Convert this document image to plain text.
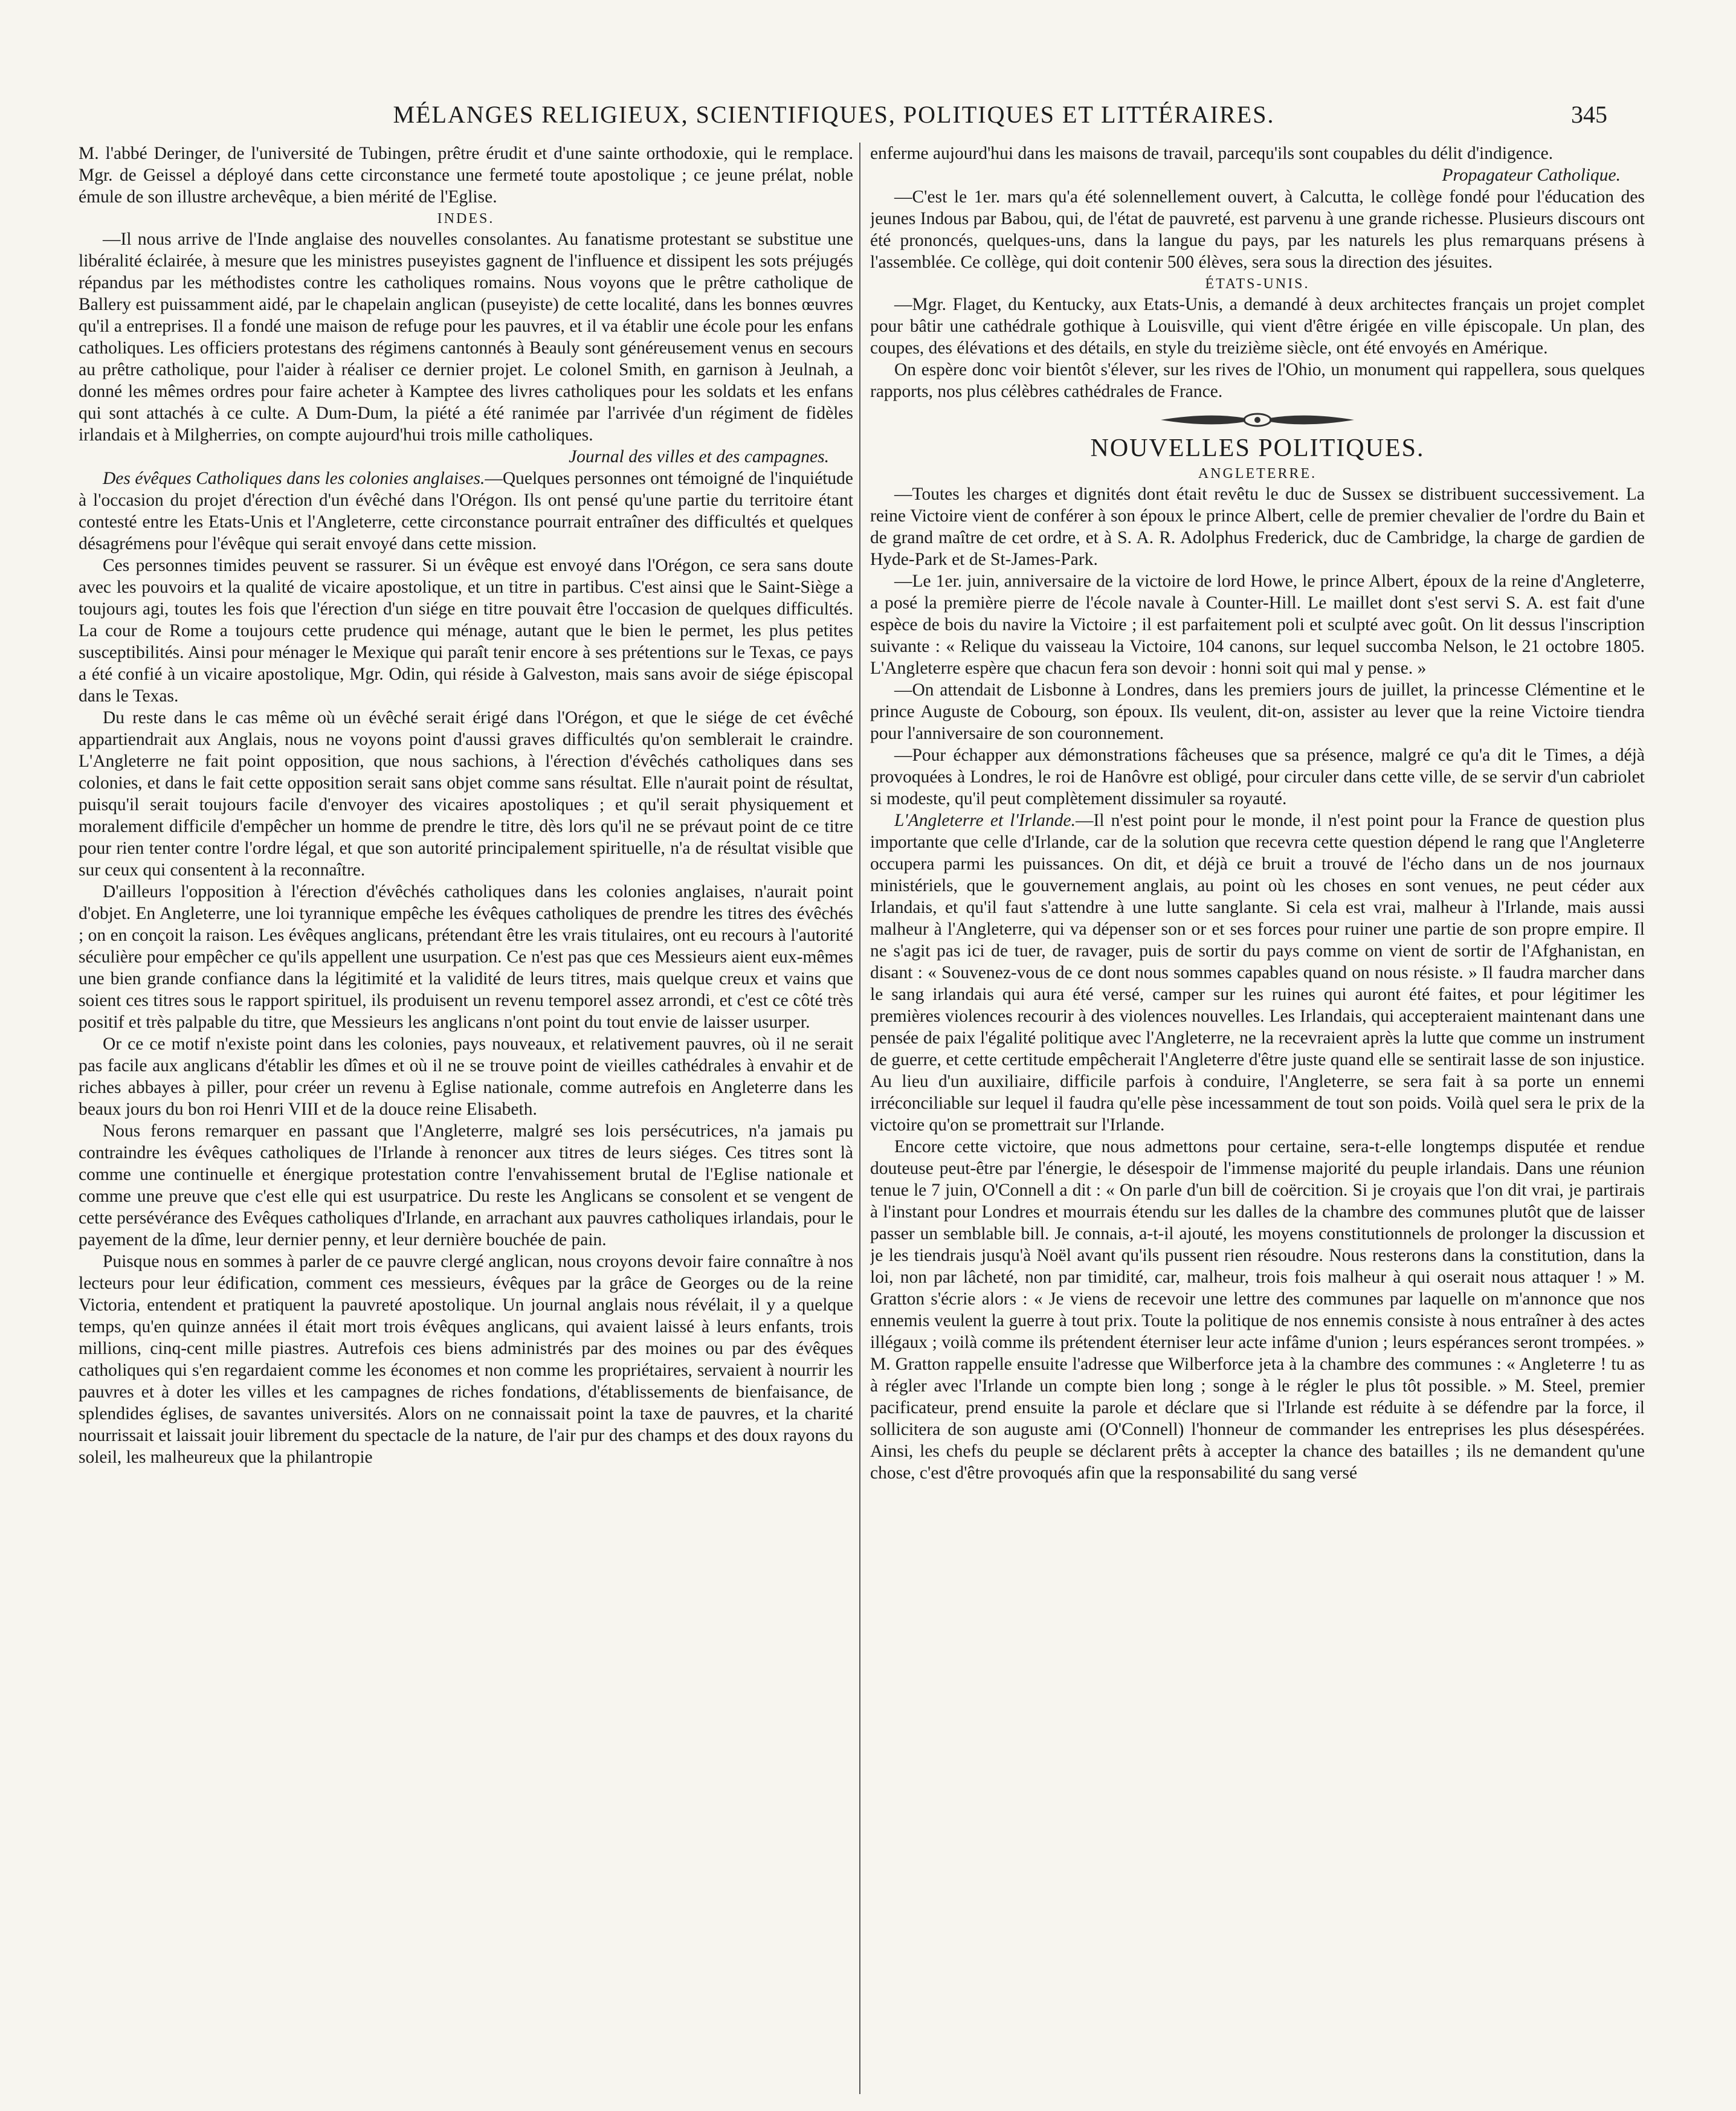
MÉLANGES RELIGIEUX, SCIENTIFIQUES, POLITIQUES ET LITTÉRAIRES.	345

M. l'abbé Deringer, de l'université de Tubingen, prêtre érudit et d'une sainte orthodoxie, qui le remplace. Mgr. de Geissel a déployé dans cette circonstance une fermeté toute apostolique ; ce jeune prélat, noble émule de son illustre archevêque, a bien mérité de l'Eglise.

INDES.

—Il nous arrive de l'Inde anglaise des nouvelles consolantes. Au fanatisme protestant se substitue une libéralité éclairée, à mesure que les ministres puseyistes gagnent de l'influence et dissipent les sots préjugés répandus par les méthodistes contre les catholiques romains. Nous voyons que le prêtre catholique de Ballery est puissamment aidé, par le chapelain anglican (puseyiste) de cette localité, dans les bonnes œuvres qu'il a entreprises. Il a fondé une maison de refuge pour les pauvres, et il va établir une école pour les enfans catholiques. Les officiers protestans des régimens cantonnés à Beauly sont généreusement venus en secours au prêtre catholique, pour l'aider à réaliser ce dernier projet. Le colonel Smith, en garnison à Jeulnah, a donné les mêmes ordres pour faire acheter à Kamptee des livres catholiques pour les soldats et les enfans qui sont attachés à ce culte. A Dum-Dum, la piété a été ranimée par l'arrivée d'un régiment de fidèles irlandais et à Milgherries, on compte aujourd'hui trois mille catholiques.

Journal des villes et des campagnes.

Des évêques Catholiques dans les colonies anglaises.—Quelques personnes ont témoigné de l'inquiétude à l'occasion du projet d'érection d'un évêché dans l'Orégon. Ils ont pensé qu'une partie du territoire étant contesté entre les Etats-Unis et l'Angleterre, cette circonstance pourrait entraîner des difficultés et quelques désagrémens pour l'évêque qui serait envoyé dans cette mission.

Ces personnes timides peuvent se rassurer. Si un évêque est envoyé dans l'Orégon, ce sera sans doute avec les pouvoirs et la qualité de vicaire apostolique, et un titre in partibus. C'est ainsi que le Saint-Siège a toujours agi, toutes les fois que l'érection d'un siége en titre pouvait être l'occasion de quelques difficultés. La cour de Rome a toujours cette prudence qui ménage, autant que le bien le permet, les plus petites susceptibilités. Ainsi pour ménager le Mexique qui paraît tenir encore à ses prétentions sur le Texas, ce pays a été confié à un vicaire apostolique, Mgr. Odin, qui réside à Galveston, mais sans avoir de siége épiscopal dans le Texas.

Du reste dans le cas même où un évêché serait érigé dans l'Orégon, et que le siége de cet évêché appartiendrait aux Anglais, nous ne voyons point d'aussi graves difficultés qu'on semblerait le craindre. L'Angleterre ne fait point opposition, que nous sachions, à l'érection d'évêchés catholiques dans ses colonies, et dans le fait cette opposition serait sans objet comme sans résultat. Elle n'aurait point de résultat, puisqu'il serait toujours facile d'envoyer des vicaires apostoliques ; et qu'il serait physiquement et moralement difficile d'empêcher un homme de prendre le titre, dès lors qu'il ne se prévaut point de ce titre pour rien tenter contre l'ordre légal, et que son autorité principalement spirituelle, n'a de résultat visible que sur ceux qui consentent à la reconnaître.

D'ailleurs l'opposition à l'érection d'évêchés catholiques dans les colonies anglaises, n'aurait point d'objet. En Angleterre, une loi tyrannique empêche les évêques catholiques de prendre les titres des évêchés ; on en conçoit la raison. Les évêques anglicans, prétendant être les vrais titulaires, ont eu recours à l'autorité séculière pour empêcher ce qu'ils appellent une usurpation. Ce n'est pas que ces Messieurs aient eux-mêmes une bien grande confiance dans la légitimité et la validité de leurs titres, mais quelque creux et vains que soient ces titres sous le rapport spirituel, ils produisent un revenu temporel assez arrondi, et c'est ce côté très positif et très palpable du titre, que Messieurs les anglicans n'ont point du tout envie de laisser usurper.

Or ce ce motif n'existe point dans les colonies, pays nouveaux, et relativement pauvres, où il ne serait pas facile aux anglicans d'établir les dîmes et où il ne se trouve point de vieilles cathédrales à envahir et de riches abbayes à piller, pour créer un revenu à Eglise nationale, comme autrefois en Angleterre dans les beaux jours du bon roi Henri VIII et de la douce reine Elisabeth.

Nous ferons remarquer en passant que l'Angleterre, malgré ses lois persécutrices, n'a jamais pu contraindre les évêques catholiques de l'Irlande à renoncer aux titres de leurs siéges. Ces titres sont là comme une continuelle et énergique protestation contre l'envahissement brutal de l'Eglise nationale et comme une preuve que c'est elle qui est usurpatrice. Du reste les Anglicans se consolent et se vengent de cette persévérance des Evêques catholiques d'Irlande, en arrachant aux pauvres catholiques irlandais, pour le payement de la dîme, leur dernier penny, et leur dernière bouchée de pain.

Puisque nous en sommes à parler de ce pauvre clergé anglican, nous croyons devoir faire connaître à nos lecteurs pour leur édification, comment ces messieurs, évêques par la grâce de Georges ou de la reine Victoria, entendent et pratiquent la pauvreté apostolique. Un journal anglais nous révélait, il y a quelque temps, qu'en quinze années il était mort trois évêques anglicans, qui avaient laissé à leurs enfants, trois millions, cinq-cent mille piastres. Autrefois ces biens administrés par des moines ou par des évêques catholiques qui s'en regardaient comme les économes et non comme les propriétaires, servaient à nourrir les pauvres et à doter les villes et les campagnes de riches fondations, d'établissements de bienfaisance, de splendides églises, de savantes universités. Alors on ne connaissait point la taxe de pauvres, et la charité nourrissait et laissait jouir librement du spectacle de la nature, de l'air pur des champs et des doux rayons du soleil, les malheureux que la philantropie

enferme aujourd'hui dans les maisons de travail, parcequ'ils sont coupables du délit d'indigence.

Propagateur Catholique.

—C'est le 1er. mars qu'a été solennellement ouvert, à Calcutta, le collège fondé pour l'éducation des jeunes Indous par Babou, qui, de l'état de pauvreté, est parvenu à une grande richesse. Plusieurs discours ont été prononcés, quelques-uns, dans la langue du pays, par les naturels les plus remarquans présens à l'assemblée. Ce collège, qui doit contenir 500 élèves, sera sous la direction des jésuites.

ÉTATS-UNIS.

—Mgr. Flaget, du Kentucky, aux Etats-Unis, a demandé à deux architectes français un projet complet pour bâtir une cathédrale gothique à Louisville, qui vient d'être érigée en ville épiscopale. Un plan, des coupes, des élévations et des détails, en style du treizième siècle, ont été envoyés en Amérique.

On espère donc voir bientôt s'élever, sur les rives de l'Ohio, un monument qui rappellera, sous quelques rapports, nos plus célèbres cathédrales de France.

NOUVELLES POLITIQUES.
ANGLETERRE.

—Toutes les charges et dignités dont était revêtu le duc de Sussex se distribuent successivement. La reine Victoire vient de conférer à son époux le prince Albert, celle de premier chevalier de l'ordre du Bain et de grand maître de cet ordre, et à S. A. R. Adolphus Frederick, duc de Cambridge, la charge de gardien de Hyde-Park et de St-James-Park.

—Le 1er. juin, anniversaire de la victoire de lord Howe, le prince Albert, époux de la reine d'Angleterre, a posé la première pierre de l'école navale à Counter-Hill. Le maillet dont s'est servi S. A. est fait d'une espèce de bois du navire la Victoire ; il est parfaitement poli et sculpté avec goût. On lit dessus l'inscription suivante : « Relique du vaisseau la Victoire, 104 canons, sur lequel succomba Nelson, le 21 octobre 1805. L'Angleterre espère que chacun fera son devoir : honni soit qui mal y pense. »

—On attendait de Lisbonne à Londres, dans les premiers jours de juillet, la princesse Clémentine et le prince Auguste de Cobourg, son époux. Ils veulent, dit-on, assister au lever que la reine Victoire tiendra pour l'anniversaire de son couronnement.

—Pour échapper aux démonstrations fâcheuses que sa présence, malgré ce qu'a dit le Times, a déjà provoquées à Londres, le roi de Hanôvre est obligé, pour circuler dans cette ville, de se servir d'un cabriolet si modeste, qu'il peut complètement dissimuler sa royauté.

L'Angleterre et l'Irlande.—Il n'est point pour le monde, il n'est point pour la France de question plus importante que celle d'Irlande, car de la solution que recevra cette question dépend le rang que l'Angleterre occupera parmi les puissances. On dit, et déjà ce bruit a trouvé de l'écho dans un de nos journaux ministériels, que le gouvernement anglais, au point où les choses en sont venues, ne peut céder aux Irlandais, et qu'il faut s'attendre à une lutte sanglante. Si cela est vrai, malheur à l'Irlande, mais aussi malheur à l'Angleterre, qui va dépenser son or et ses forces pour ruiner une partie de son propre empire. Il ne s'agit pas ici de tuer, de ravager, puis de sortir du pays comme on vient de sortir de l'Afghanistan, en disant : « Souvenez-vous de ce dont nous sommes capables quand on nous résiste. » Il faudra marcher dans le sang irlandais qui aura été versé, camper sur les ruines qui auront été faites, et pour légitimer les premières violences recourir à des violences nouvelles. Les Irlandais, qui accepteraient maintenant dans une pensée de paix l'égalité politique avec l'Angleterre, ne la recevraient après la lutte que comme un instrument de guerre, et cette certitude empêcherait l'Angleterre d'être juste quand elle se sentirait lasse de son injustice. Au lieu d'un auxiliaire, difficile parfois à conduire, l'Angleterre, se sera fait à sa porte un ennemi irréconciliable sur lequel il faudra qu'elle pèse incessamment de tout son poids. Voilà quel sera le prix de la victoire qu'on se promettrait sur l'Irlande.

Encore cette victoire, que nous admettons pour certaine, sera-t-elle longtemps disputée et rendue douteuse peut-être par l'énergie, le désespoir de l'immense majorité du peuple irlandais. Dans une réunion tenue le 7 juin, O'Connell a dit : « On parle d'un bill de coërcition. Si je croyais que l'on dit vrai, je partirais à l'instant pour Londres et mourrais étendu sur les dalles de la chambre des communes plutôt que de laisser passer un semblable bill. Je connais, a-t-il ajouté, les moyens constitutionnels de prolonger la discussion et je les tiendrais jusqu'à Noël avant qu'ils pussent rien résoudre. Nous resterons dans la constitution, dans la loi, non par lâcheté, non par timidité, car, malheur, trois fois malheur à qui oserait nous attaquer ! » M. Gratton s'écrie alors : « Je viens de recevoir une lettre des communes par laquelle on m'annonce que nos ennemis veulent la guerre à tout prix. Toute la politique de nos ennemis consiste à nous entraîner à des actes illégaux ; voilà comme ils prétendent éterniser leur acte infâme d'union ; leurs espérances seront trompées. » M. Gratton rappelle ensuite l'adresse que Wilberforce jeta à la chambre des communes : « Angleterre ! tu as à régler avec l'Irlande un compte bien long ; songe à le régler le plus tôt possible. » M. Steel, premier pacificateur, prend ensuite la parole et déclare que si l'Irlande est réduite à se défendre par la force, il sollicitera de son auguste ami (O'Connell) l'honneur de commander les entreprises les plus désespérées. Ainsi, les chefs du peuple se déclarent prêts à accepter la chance des batailles ; ils ne demandent qu'une chose, c'est d'être provoqués afin que la responsabilité du sang versé
